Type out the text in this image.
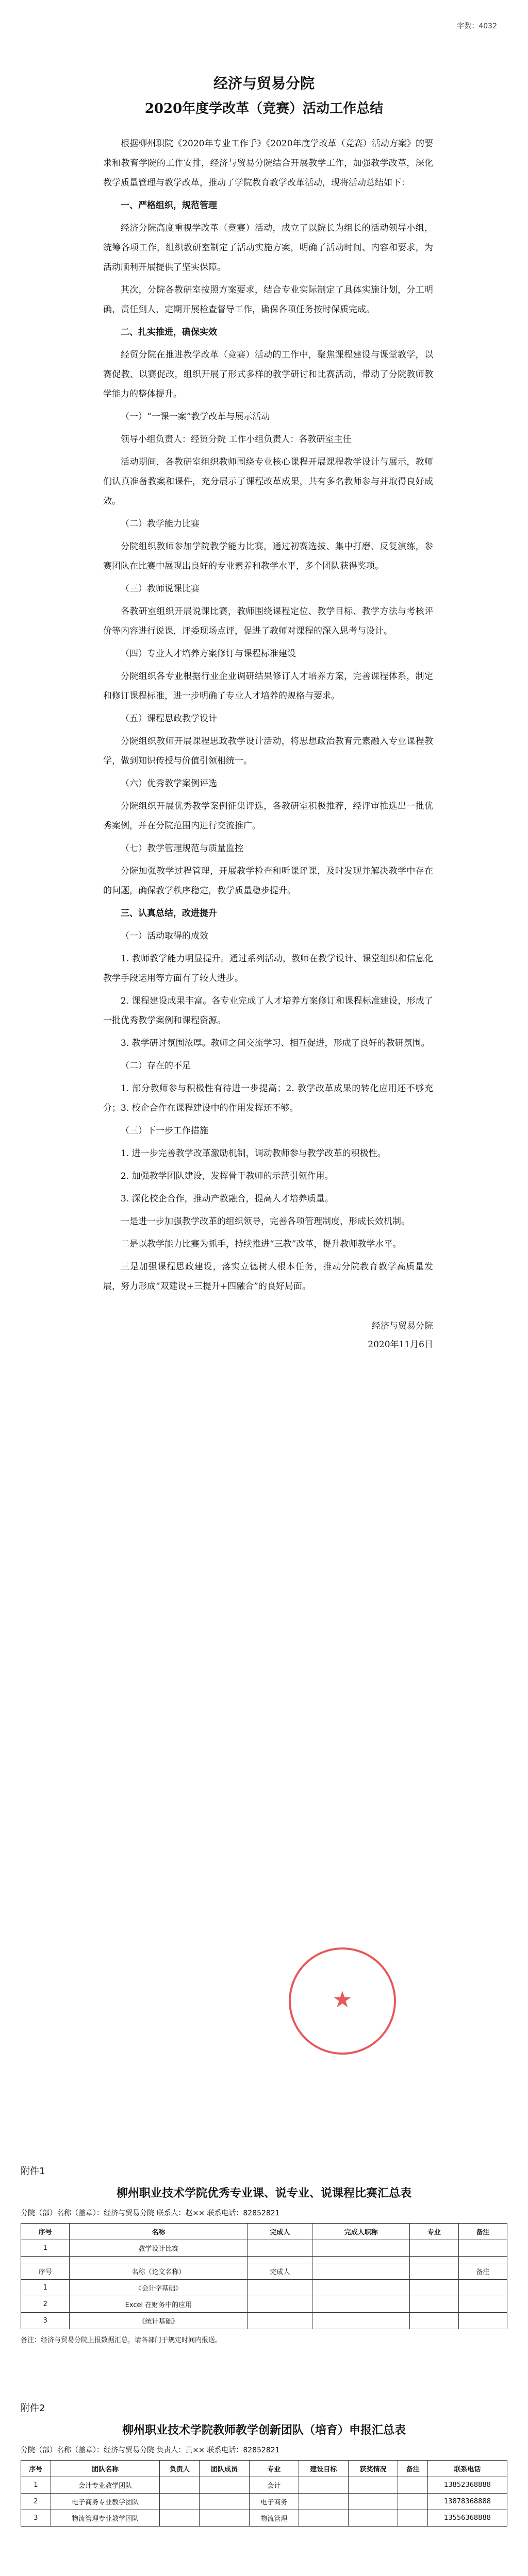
字数：4032
经济与贸易分院
2020年度学改革（竞赛）活动工作总结

根据柳州职院《2020年专业工作手》《2020年度学改革（竞赛）活动方案》的要求和教育学院的工作安排，经济与贸易分院结合开展教学工作，加强教学改革，深化教学质量管理与教学改革，推动了学院教育教学改革活动，现将活动总结如下：

一、严格组织，规范管理

经济分院高度重视学改革（竞赛）活动，成立了以院长为组长的活动领导小组，统筹各项工作，组织教研室制定了活动实施方案，明确了活动时间、内容和要求，为活动顺利开展提供了坚实保障。

其次，分院各教研室按照方案要求，结合专业实际制定了具体实施计划，分工明确，责任到人，定期开展检查督导工作，确保各项任务按时保质完成。

二、扎实推进，确保实效

经贸分院在推进教学改革（竞赛）活动的工作中，聚焦课程建设与课堂教学，以赛促教、以赛促改，组织开展了形式多样的教学研讨和比赛活动，带动了分院教师教学能力的整体提升。

（一）“一课一案”教学改革与展示活动

领导小组负责人：经贸分院 工作小组负责人：各教研室主任

活动期间，各教研室组织教师围绕专业核心课程开展课程教学设计与展示，教师们认真准备教案和课件，充分展示了课程改革成果，共有多名教师参与并取得良好成效。

（二）教学能力比赛

分院组织教师参加学院教学能力比赛，通过初赛选拔、集中打磨、反复演练，参赛团队在比赛中展现出良好的专业素养和教学水平，多个团队获得奖项。

（三）教师说课比赛

各教研室组织开展说课比赛，教师围绕课程定位、教学目标、教学方法与考核评价等内容进行说课，评委现场点评，促进了教师对课程的深入思考与设计。

（四）专业人才培养方案修订与课程标准建设

分院组织各专业根据行业企业调研结果修订人才培养方案，完善课程体系，制定和修订课程标准，进一步明确了专业人才培养的规格与要求。

（五）课程思政教学设计

分院组织教师开展课程思政教学设计活动，将思想政治教育元素融入专业课程教学，做到知识传授与价值引领相统一。

（六）优秀教学案例评选

分院组织开展优秀教学案例征集评选，各教研室积极推荐，经评审推选出一批优秀案例，并在分院范围内进行交流推广。

（七）教学管理规范与质量监控

分院加强教学过程管理，开展教学检查和听课评课，及时发现并解决教学中存在的问题，确保教学秩序稳定，教学质量稳步提升。

三、认真总结，改进提升

（一）活动取得的成效

1. 教师教学能力明显提升。通过系列活动，教师在教学设计、课堂组织和信息化教学手段运用等方面有了较大进步。

2. 课程建设成果丰富。各专业完成了人才培养方案修订和课程标准建设，形成了一批优秀教学案例和课程资源。

3. 教学研讨氛围浓厚。教师之间交流学习、相互促进，形成了良好的教研氛围。

（二）存在的不足

1. 部分教师参与积极性有待进一步提高；2. 教学改革成果的转化应用还不够充分；3. 校企合作在课程建设中的作用发挥还不够。

（三）下一步工作措施

1. 进一步完善教学改革激励机制，调动教师参与教学改革的积极性。

2. 加强教学团队建设，发挥骨干教师的示范引领作用。

3. 深化校企合作，推动产教融合，提高人才培养质量。

一是进一步加强教学改革的组织领导，完善各项管理制度，形成长效机制。

二是以教学能力比赛为抓手，持续推进“三教”改革，提升教师教学水平。

三是加强课程思政建设，落实立德树人根本任务，推动分院教育教学高质量发展，努力形成“双建设+三提升+四融合”的良好局面。

经济与贸易分院
2020年11月6日
★
附件1
柳州职业技术学院优秀专业课、说专业、说课程比赛汇总表
分院（部）名称（盖章）：经济与贸易分院 联系人：赵×× 联系电话：82852821
序号	名称	完成人	完成人职称	专业	备注
1	教学设计比赛				

序号	名称（论文名称）	完成人			备注
1	《会计学基础》				
2	Excel 在财务中的应用				
3	《统计基础》				
备注：经济与贸易分院上报数据汇总，请各部门于规定时间内报送。
附件2
柳州职业技术学院教师教学创新团队（培育）申报汇总表
分院（部）名称（盖章）：经济与贸易分院 负责人：黄×× 联系电话：82852821
序号	团队名称	负责人	团队成员	专业	建设目标	获奖情况	备注	联系电话
1	会计专业教学团队			会计				13852368888
2	电子商务专业教学团队			电子商务				13878368888
3	物流管理专业教学团队			物流管理				13556368888
